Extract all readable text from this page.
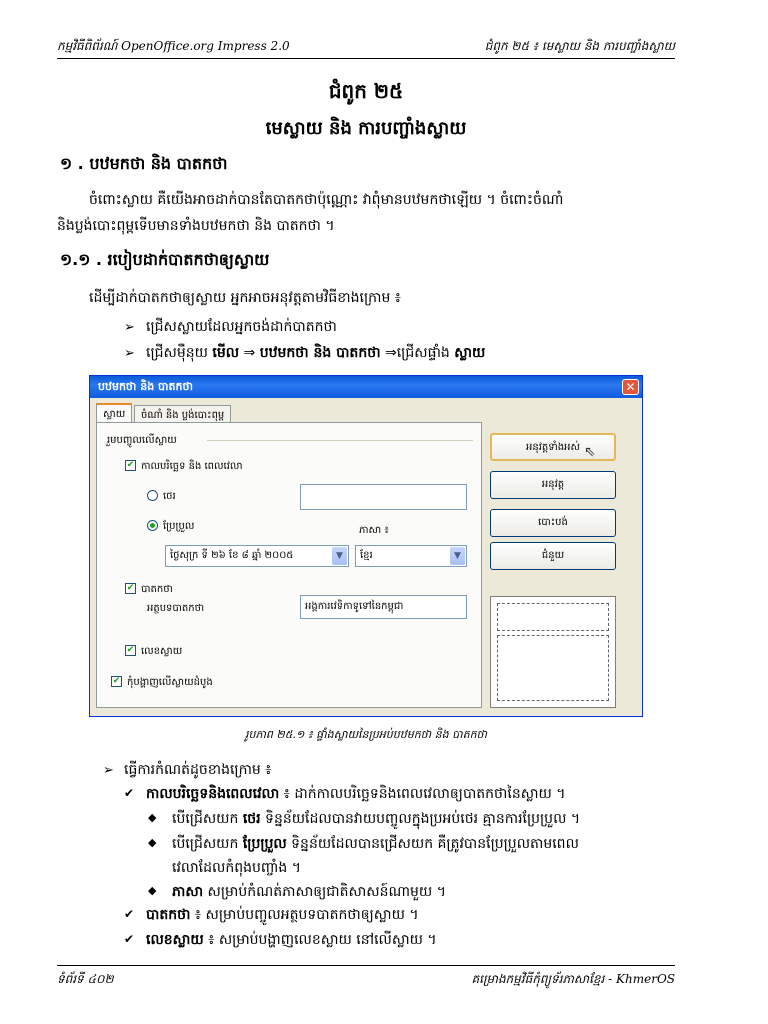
កម្មវិធីពិព័រណ៍ OpenOffice.org Impress 2.0	ជំពូក ២៥ ៖ មេស្លាយ និង ការបញ្ចាំងស្លាយ
ជំពូក ២៥
មេស្លាយ និង ការបញ្ចាំងស្លាយ
១ . បឋមកថា និង បាតកថា
ចំពោះស្លាយ គឺយើងអាចដាក់បានតែបាតកថាប៉ុណ្ណោះ វាពុំមានបឋមកថាឡើយ ។ ចំពោះចំណាំ
និងប្លង់បោះពុម្ពទើបមានទាំងបឋមកថា និង បាតកថា ។
១.១ . របៀបដាក់បាតកថាឲ្យស្លាយ
ដើម្បីដាក់បាតកថាឲ្យស្លាយ អ្នកអាចអនុវត្តតាមវិធីខាងក្រោម ៖
➢ ជ្រើសស្លាយដែលអ្នកចង់ដាក់បាតកថា
➢ ជ្រើសម៉ឺនុយ មើល ⇒ បឋមកថា និង បាតកថា ⇒ជ្រើសផ្ទាំង ស្លាយ
បឋមកថា និង បាតកថា	✕
ស្លាយ	ចំណាំ និង ប្លង់បោះពុម្ព
រួមបញ្ចូលលើស្លាយ
✔ កាលបរិច្ឆេទ និង ពេលវេលា
ថេរ
ប្រែប្រួល	ភាសា ៖
ថ្ងៃសុក្រ ទី ២៦ ខែ ៨ ឆ្នាំ ២០០៥	▼	ខ្មែរ	▼
✔ បាតកថា
អត្ថបទបាតកថា	អង្គការវេទិកាទូទៅនៃកម្ពុជា
✔ លេខស្លាយ
✔ កុំបង្ហាញលើស្លាយដំបូង
អនុវត្តទាំងអស់ ⇖
អនុវត្ត
បោះបង់
ជំនួយ
រូបភាព ២៥.១ ៖ ផ្ទាំងស្លាយនៃប្រអប់បឋមកថា និង បាតកថា
➢ ធ្វើការកំណត់ដូចខាងក្រោម ៖
✔ កាលបរិច្ឆេទនិងពេលវេលា ៖ ដាក់កាលបរិច្ឆេទនិងពេលវេលាឲ្យបាតកថានៃស្លាយ ។
◆ បើជ្រើសយក ថេរ ទិន្នន័យដែលបានវាយបញ្ចូលក្នុងប្រអប់ថេរ គ្មានការប្រែប្រួល ។
◆ បើជ្រើសយក ប្រែប្រួល ទិន្នន័យដែលបានជ្រើសយក គឺត្រូវបានប្រែប្រួលតាមពេល
វេលាដែលកំពុងបញ្ចាំង ។
◆ ភាសា សម្រាប់កំណត់ភាសាឲ្យជាតិសាសន៍ណាមួយ ។
✔ បាតកថា ៖ សម្រាប់បញ្ចូលអត្ថបទបាតកថាឲ្យស្លាយ ។
✔ លេខស្លាយ ៖ សម្រាប់បង្ហាញលេខស្លាយ នៅលើស្លាយ ។
ទំព័រទី ៤០២	គម្រោងកម្មវិធីកុំព្យូទ័រភាសាខ្មែរ - KhmerOS
